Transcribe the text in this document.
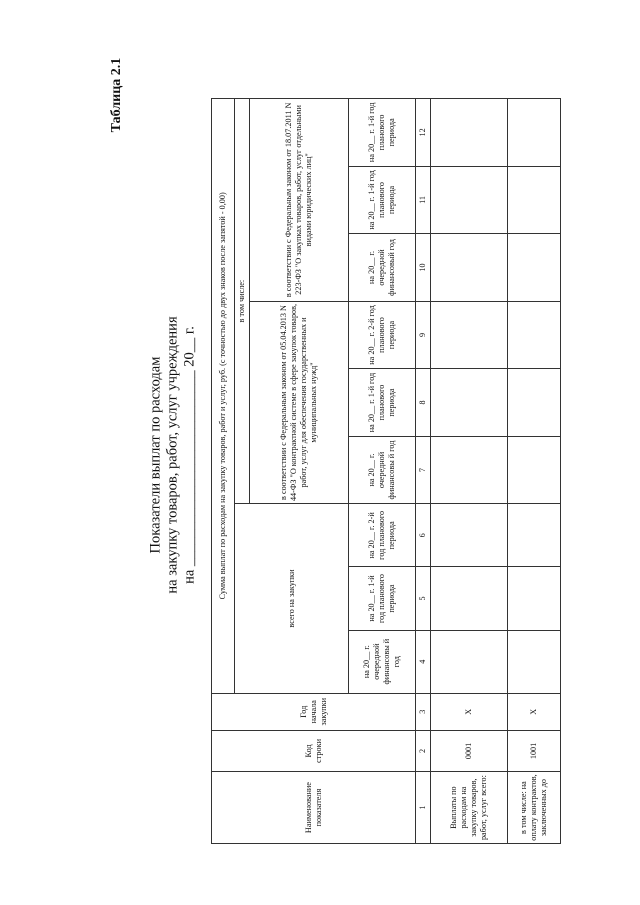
Таблица 2.1
Показатели выплат по расходам на закупку товаров, работ, услуг учреждения на ___________________________ 20__ г.
Наименование показателя	Код строки	Год начала закупки	Сумма выплат по расходам на закупку товаров, работ и услуг, руб. (с точностью до двух знаков после запятой - 0,00)								
			всего на закупки			в том числе:					
						в соответствии с Федеральным законом от 05.04.2013 N 44-ФЗ "О контрактной системе в сфере закупок товаров, работ, услуг для обеспечения государственных и муниципальных нужд"			в соответствии с Федеральным законом от 18.07.2011 N 223-ФЗ "О закупках товаров, работ, услуг отдельными видами юридических лиц"		
			на 20__ г. очередной финансовы й год	на 20__ г. 1-й год планового периода	на 20__ г. 2-й год планового периода	на 20__ г. очередной финансовы й год	на 20__ г. 1-й год планового периода	на 20__ г. 2-й год планового периода	на 20__ г. очередной финансовый год	на 20__ г. 1-й год планового периода	на 20__ г. 1-й год планового периода
1	2	3	4	5	6	7	8	9	10	11	12
Выплаты по расходам на закупку товаров, работ, услуг всего:	0001	X									
в том числе: на оплату контрактов, заключенных до	1001	X									
